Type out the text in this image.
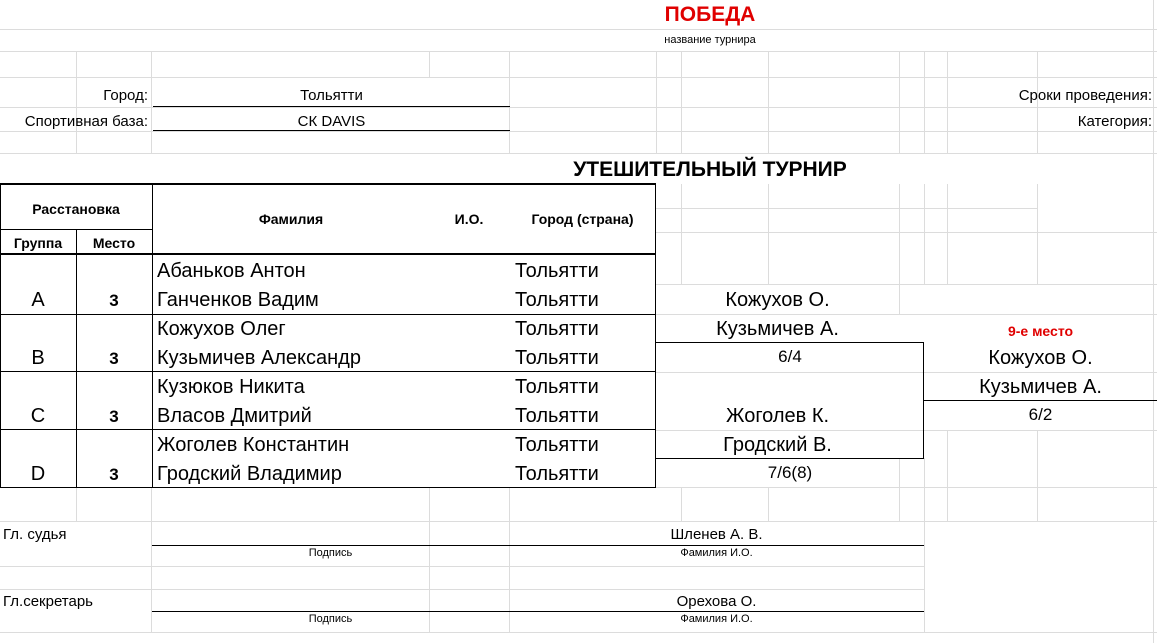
ПОБЕДА
название турнира
Город:	Тольятти
Спортивная база:	СК DAVIS
Сроки проведения:
Категория:
УТЕШИТЕЛЬНЫЙ ТУРНИР
Расстановка
Группа	Место
Фамилия	И.О.	Город (страна)
A	3
Абаньков Антон	Тольятти
Ганченков Вадим	Тольятти
B	3
Кожухов Олег	Тольятти
Кузьмичев Александр	Тольятти
C	3
Кузюков Никита	Тольятти
Власов Дмитрий	Тольятти
D	3
Жоголев Константин	Тольятти
Гродский Владимир	Тольятти
Кожухов О.
Кузьмичев А.
6/4
Жоголев К.
Гродский В.
7/6(8)
9-е место
Кожухов О.
Кузьмичев А.
6/2
Гл. судья	Шленев А. В.
Подпись	Фамилия И.О.
Гл.секретарь	Орехова О.
Подпись	Фамилия И.О.
